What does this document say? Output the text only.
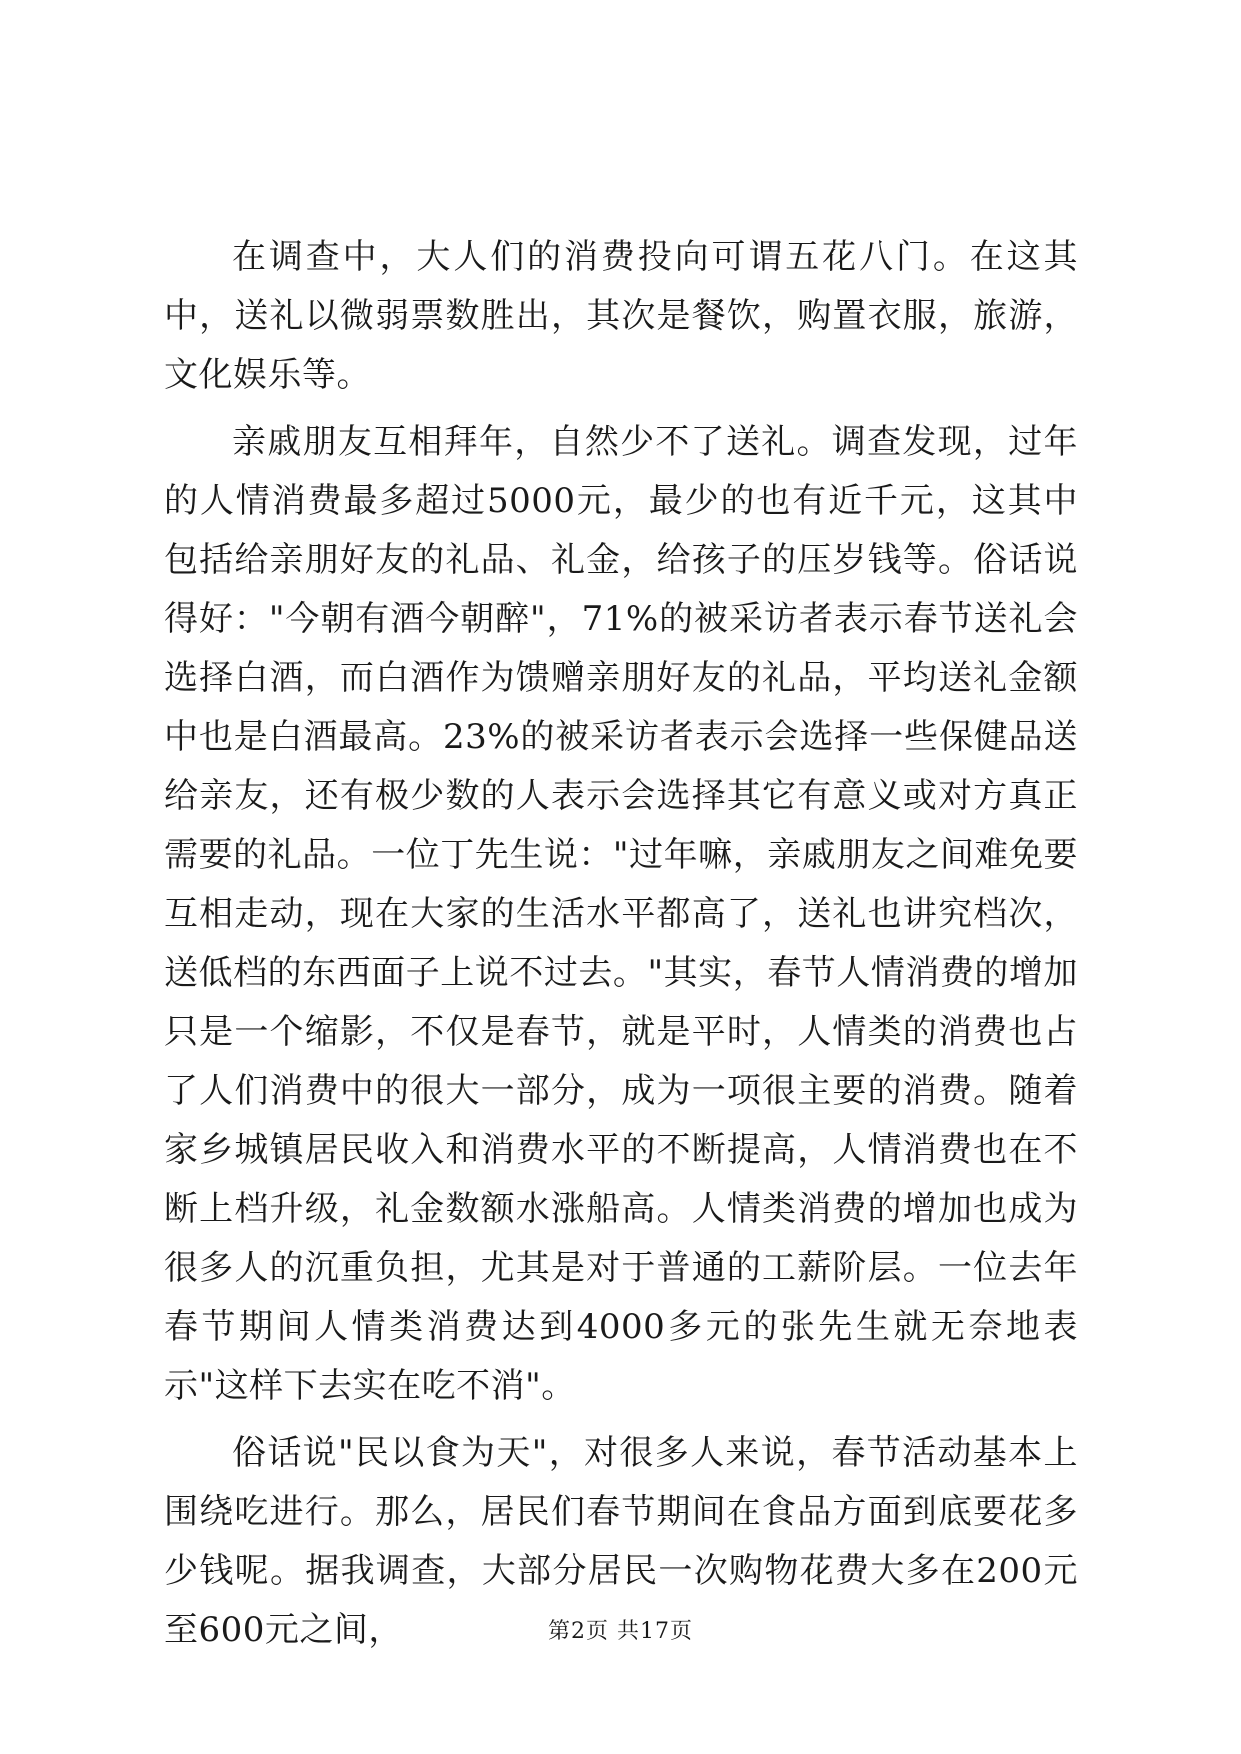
在调查中，大人们的消费投向可谓五花八门。在这其中，送礼以微弱票数胜出，其次是餐饮，购置衣服，旅游，文化娱乐等。

亲戚朋友互相拜年，自然少不了送礼。调查发现，过年的人情消费最多超过5000元，最少的也有近千元，这其中包括给亲朋好友的礼品、礼金，给孩子的压岁钱等。俗话说得好："今朝有酒今朝醉"，71%的被采访者表示春节送礼会选择白酒，而白酒作为馈赠亲朋好友的礼品，平均送礼金额中也是白酒最高。23%的被采访者表示会选择一些保健品送给亲友，还有极少数的人表示会选择其它有意义或对方真正需要的礼品。一位丁先生说："过年嘛，亲戚朋友之间难免要互相走动，现在大家的生活水平都高了，送礼也讲究档次，送低档的东西面子上说不过去。"其实，春节人情消费的增加只是一个缩影，不仅是春节，就是平时，人情类的消费也占了人们消费中的很大一部分，成为一项很主要的消费。随着家乡城镇居民收入和消费水平的不断提高，人情消费也在不断上档升级，礼金数额水涨船高。人情类消费的增加也成为很多人的沉重负担，尤其是对于普通的工薪阶层。一位去年春节期间人情类消费达到4000多元的张先生就无奈地表示"这样下去实在吃不消"。

俗话说"民以食为天"，对很多人来说，春节活动基本上围绕吃进行。那么，居民们春节期间在食品方面到底要花多少钱呢。据我调查，大部分居民一次购物花费大多在200元至600元之间，	第2页 共17页
